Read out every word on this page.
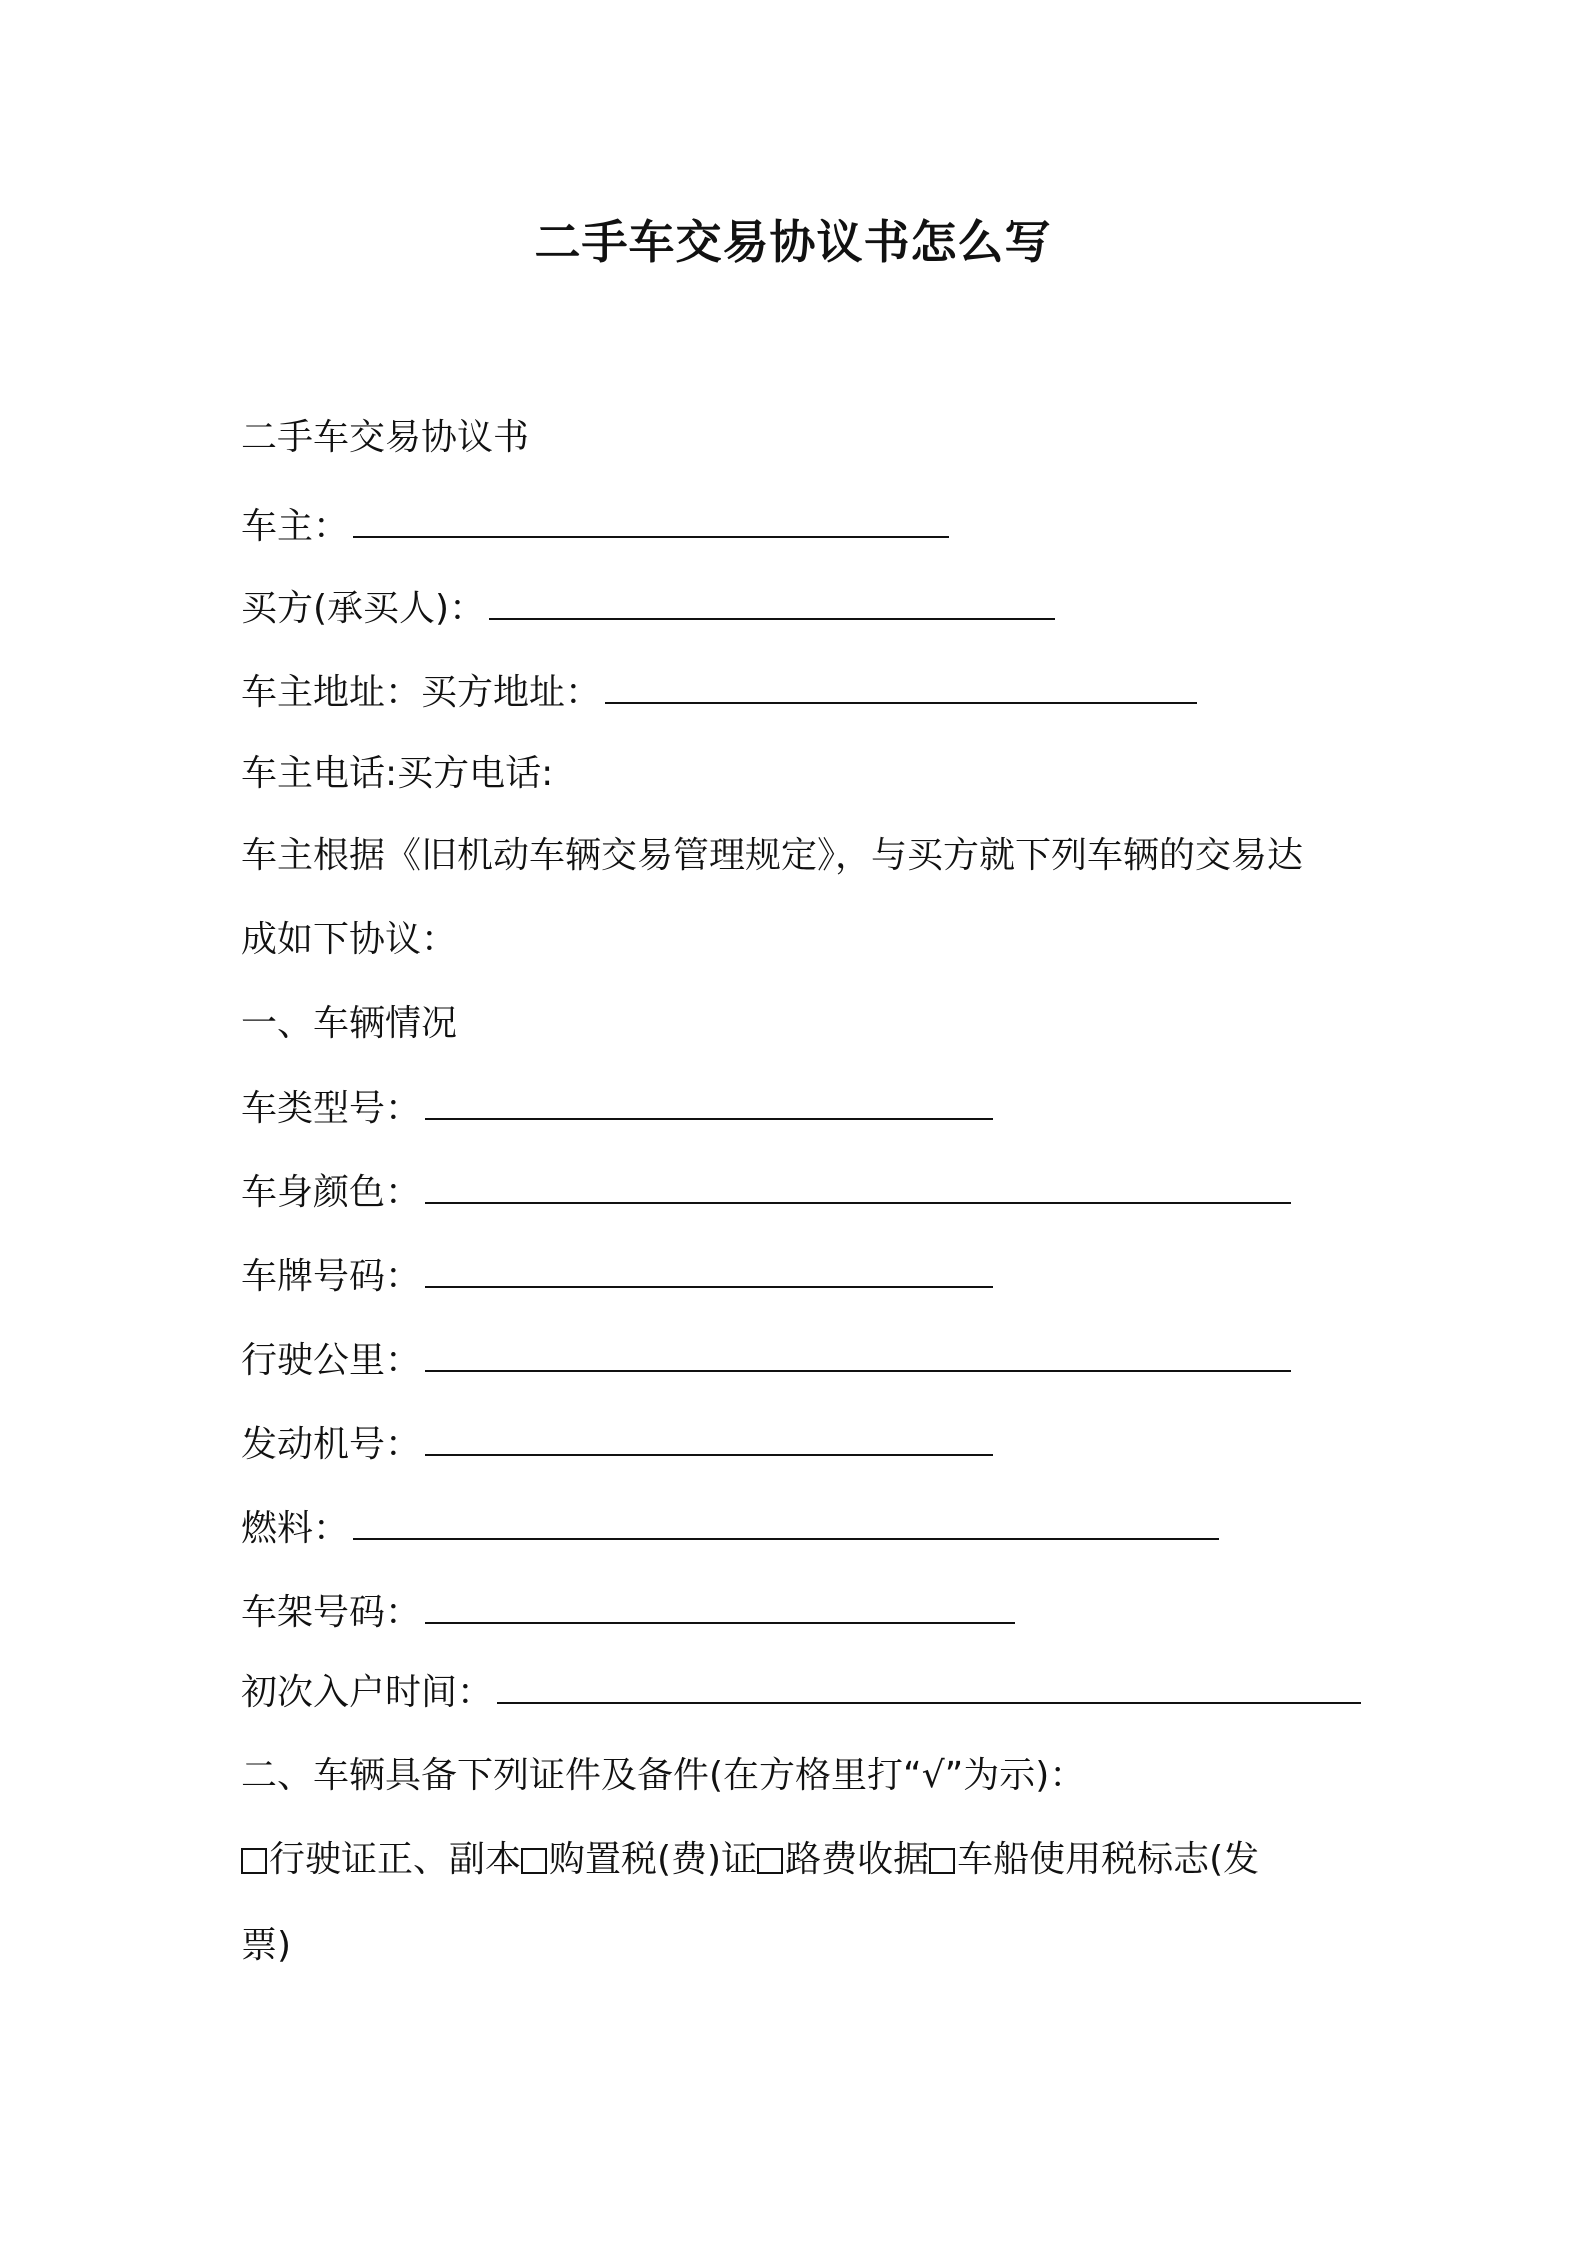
二手车交易协议书怎么写
二手车交易协议书
车主：
买方(承买人)：
车主地址：买方地址：
车主电话:买方电话:
车主根据《旧机动车辆交易管理规定》，与买方就下列车辆的交易达
成如下协议：
一、车辆情况
车类型号：
车身颜色：
车牌号码：
行驶公里：
发动机号：
燃料：
车架号码：
初次入户时间：
二、车辆具备下列证件及备件(在方格里打“√”为示)：
行驶证正、副本 购置税(费)证 路费收据 车船使用税标志(发
票)
